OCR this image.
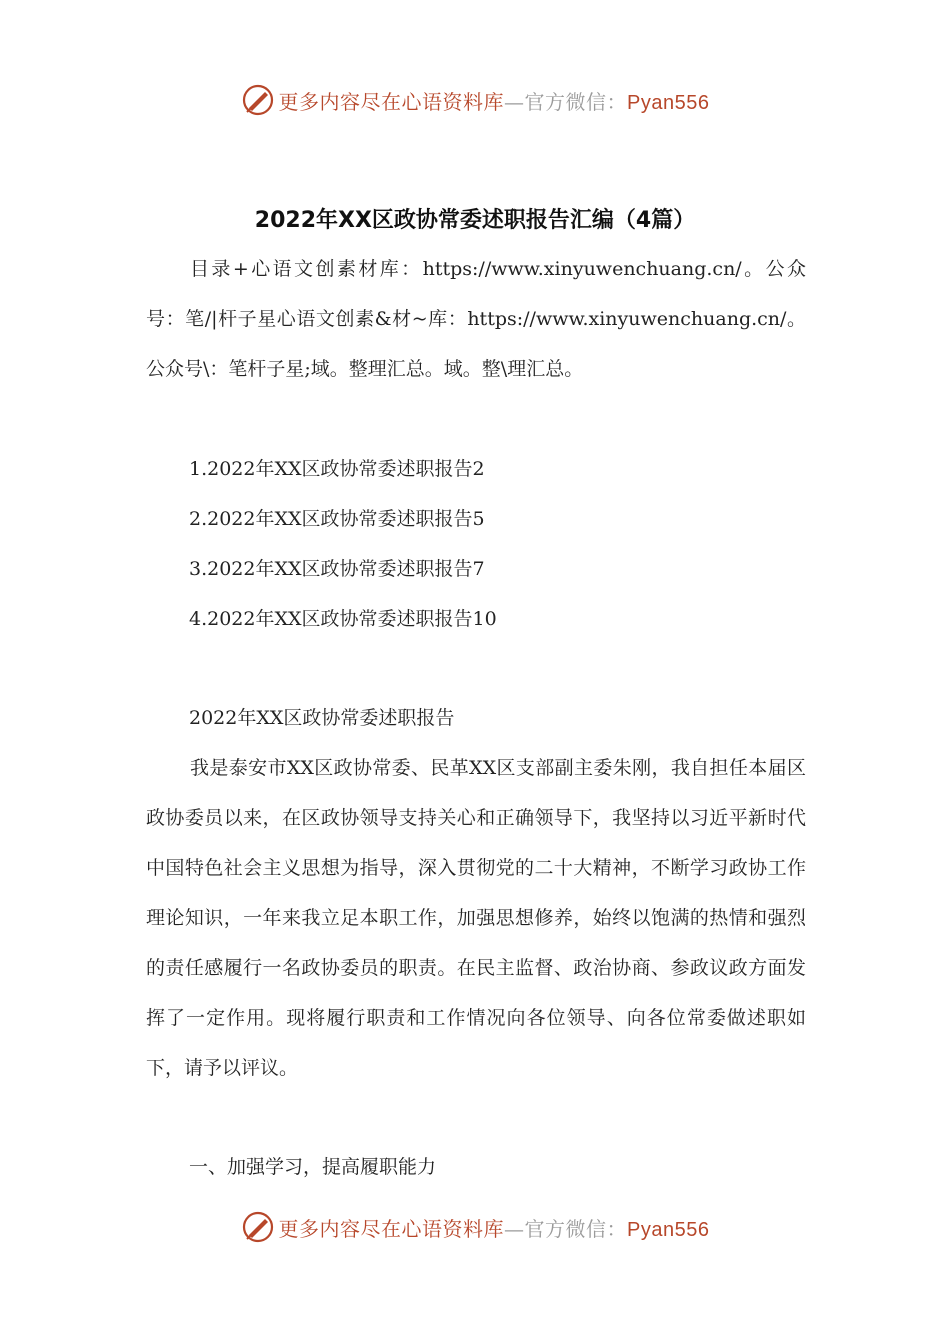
更多内容尽在心语资料库—官方微信：Pyan556
2022年XX区政协常委述职报告汇编（4篇）
目录+心语文创素材库：https://www.xinyuwenchuang.cn/。公众号：笔/|杆子星心语文创素&材~库：https://www.xinyuwenchuang.cn/。公众号\：笔杆子星;域。整理汇总。域。整\理汇总。
1.2022年XX区政协常委述职报告2
2.2022年XX区政协常委述职报告5
3.2022年XX区政协常委述职报告7
4.2022年XX区政协常委述职报告10
2022年XX区政协常委述职报告
我是泰安市XX区政协常委、民革XX区支部副主委朱刚，我自担任本届区政协委员以来，在区政协领导支持关心和正确领导下，我坚持以习近平新时代中国特色社会主义思想为指导，深入贯彻党的二十大精神，不断学习政协工作理论知识，一年来我立足本职工作，加强思想修养，始终以饱满的热情和强烈的责任感履行一名政协委员的职责。在民主监督、政治协商、参政议政方面发挥了一定作用。现将履行职责和工作情况向各位领导、向各位常委做述职如下，请予以评议。
一、加强学习，提高履职能力
更多内容尽在心语资料库—官方微信：Pyan556
